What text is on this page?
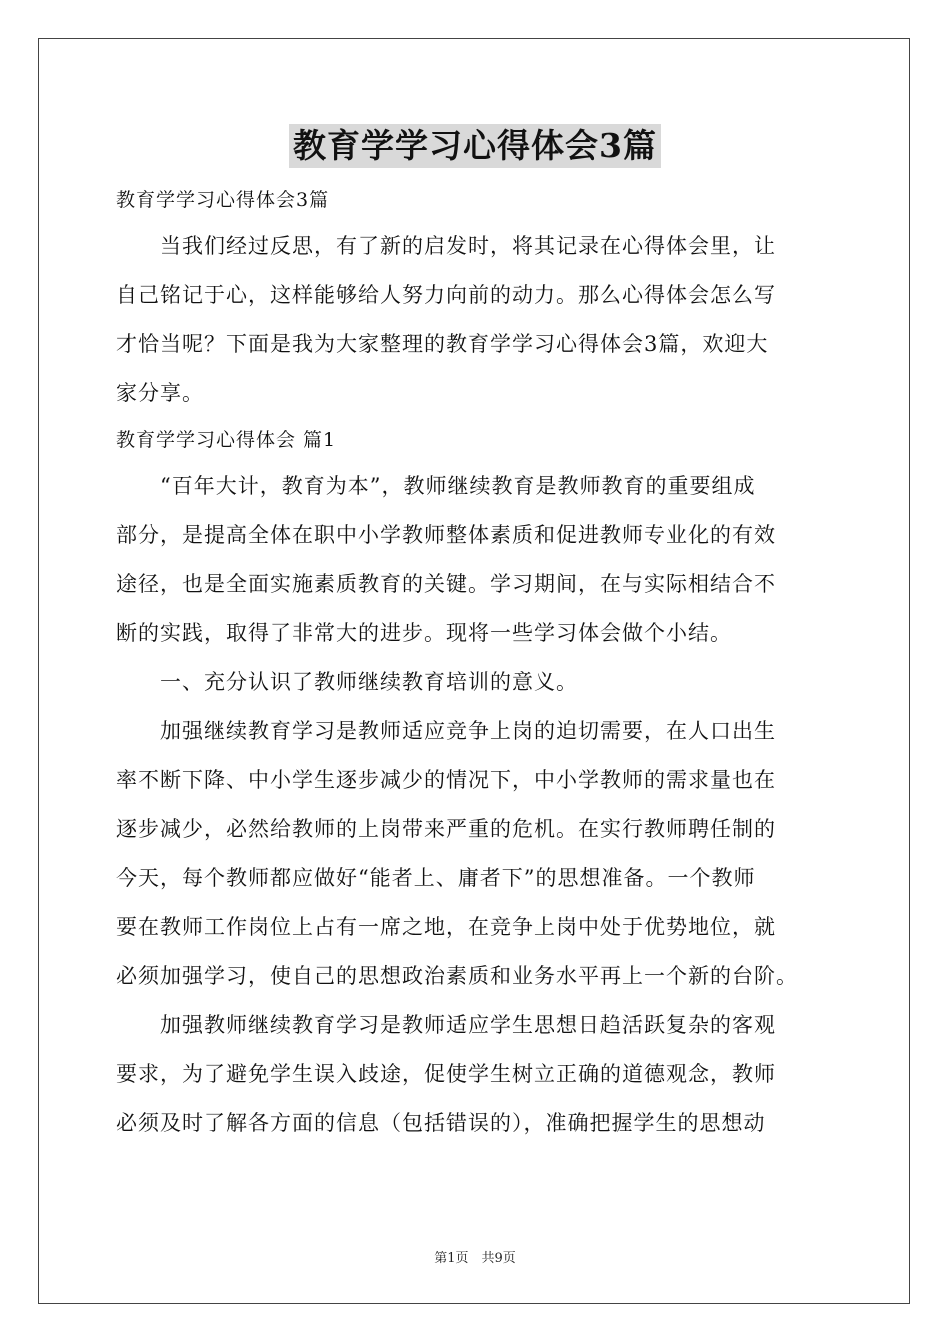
教育学学习心得体会3篇
教育学学习心得体会3篇
　　当我们经过反思，有了新的启发时，将其记录在心得体会里，让
自己铭记于心，这样能够给人努力向前的动力。那么心得体会怎么写
才恰当呢？下面是我为大家整理的教育学学习心得体会3篇，欢迎大
家分享。
教育学学习心得体会 篇1
　　“百年大计，教育为本”，教师继续教育是教师教育的重要组成
部分，是提高全体在职中小学教师整体素质和促进教师专业化的有效
途径，也是全面实施素质教育的关键。学习期间，在与实际相结合不
断的实践，取得了非常大的进步。现将一些学习体会做个小结。
　　一、充分认识了教师继续教育培训的意义。
　　加强继续教育学习是教师适应竞争上岗的迫切需要，在人口出生
率不断下降、中小学生逐步减少的情况下，中小学教师的需求量也在
逐步减少，必然给教师的上岗带来严重的危机。在实行教师聘任制的
今天，每个教师都应做好“能者上、庸者下”的思想准备。一个教师
要在教师工作岗位上占有一席之地，在竞争上岗中处于优势地位，就
必须加强学习，使自己的思想政治素质和业务水平再上一个新的台阶。
　　加强教师继续教育学习是教师适应学生思想日趋活跃复杂的客观
要求，为了避免学生误入歧途，促使学生树立正确的道德观念，教师
必须及时了解各方面的信息（包括错误的），准确把握学生的思想动
第1页　共9页
